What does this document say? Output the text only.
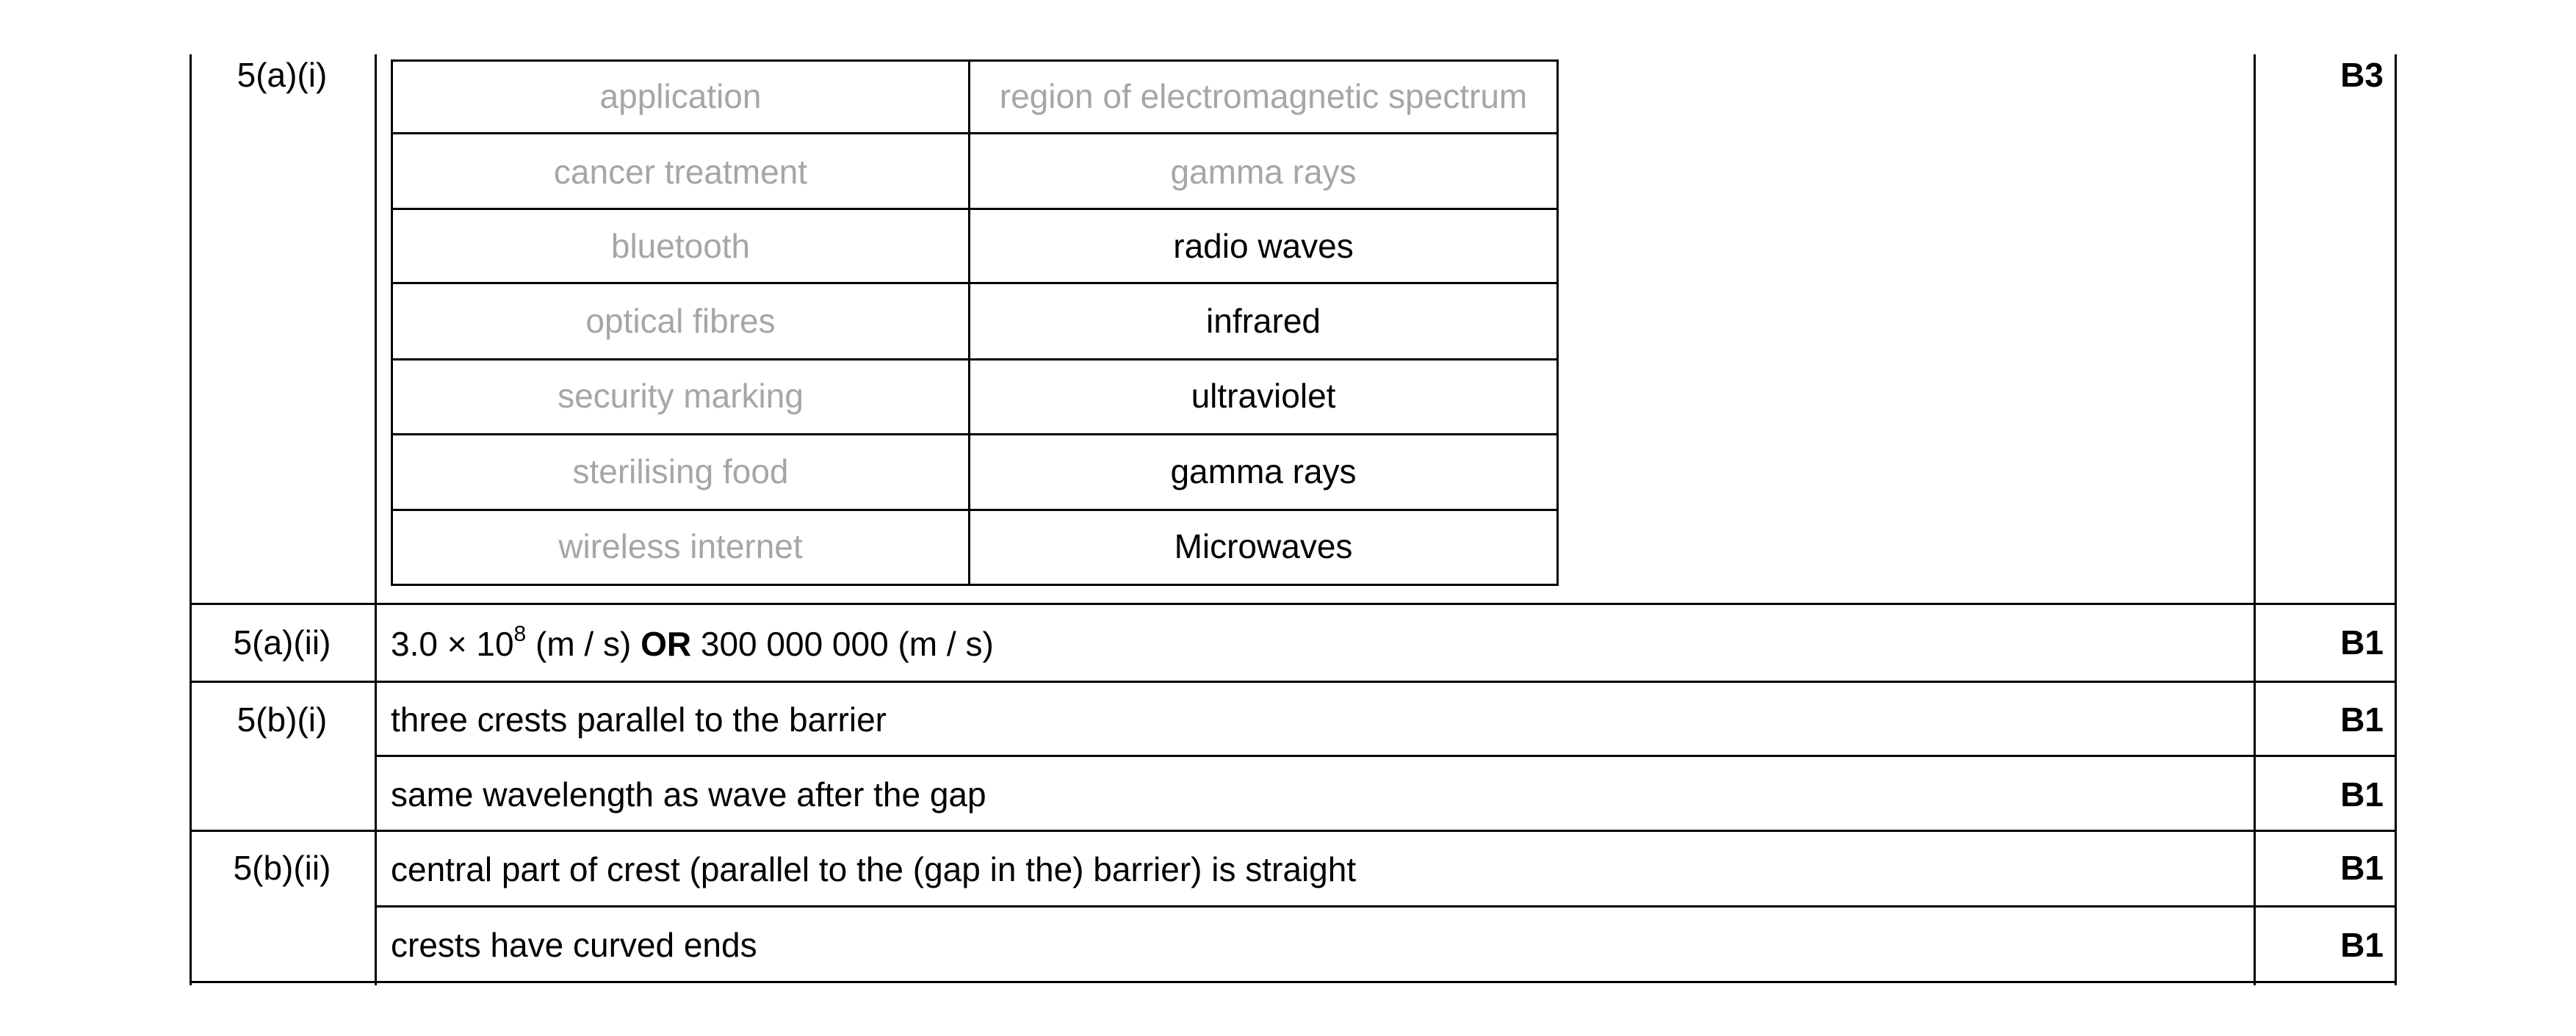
5(a)(i)	B3
application	region of electromagnetic spectrum
cancer treatment	gamma rays
bluetooth	radio waves
optical fibres	infrared
security marking	ultraviolet
sterilising food	gamma rays
wireless internet	Microwaves
5(a)(ii)	$3.0 \times 10^8$ (m / s) OR 300 000 000 (m / s)	B1
5(b)(i)	three crests parallel to the barrier	B1
same wavelength as wave after the gap	B1
5(b)(ii)	central part of crest (parallel to the (gap in the) barrier) is straight	B1
crests have curved ends	B1
